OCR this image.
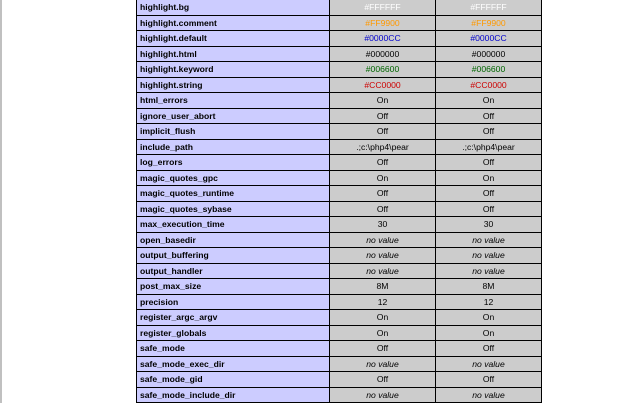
highlight.bg	#FFFFFF	#FFFFFF
highlight.comment	#FF9900	#FF9900
highlight.default	#0000CC	#0000CC
highlight.html	#000000	#000000
highlight.keyword	#006600	#006600
highlight.string	#CC0000	#CC0000
html_errors	On	On
ignore_user_abort	Off	Off
implicit_flush	Off	Off
include_path	.;c:\php4\pear	.;c:\php4\pear
log_errors	Off	Off
magic_quotes_gpc	On	On
magic_quotes_runtime	Off	Off
magic_quotes_sybase	Off	Off
max_execution_time	30	30
open_basedir	no value	no value
output_buffering	no value	no value
output_handler	no value	no value
post_max_size	8M	8M
precision	12	12
register_argc_argv	On	On
register_globals	On	On
safe_mode	Off	Off
safe_mode_exec_dir	no value	no value
safe_mode_gid	Off	Off
safe_mode_include_dir	no value	no value
